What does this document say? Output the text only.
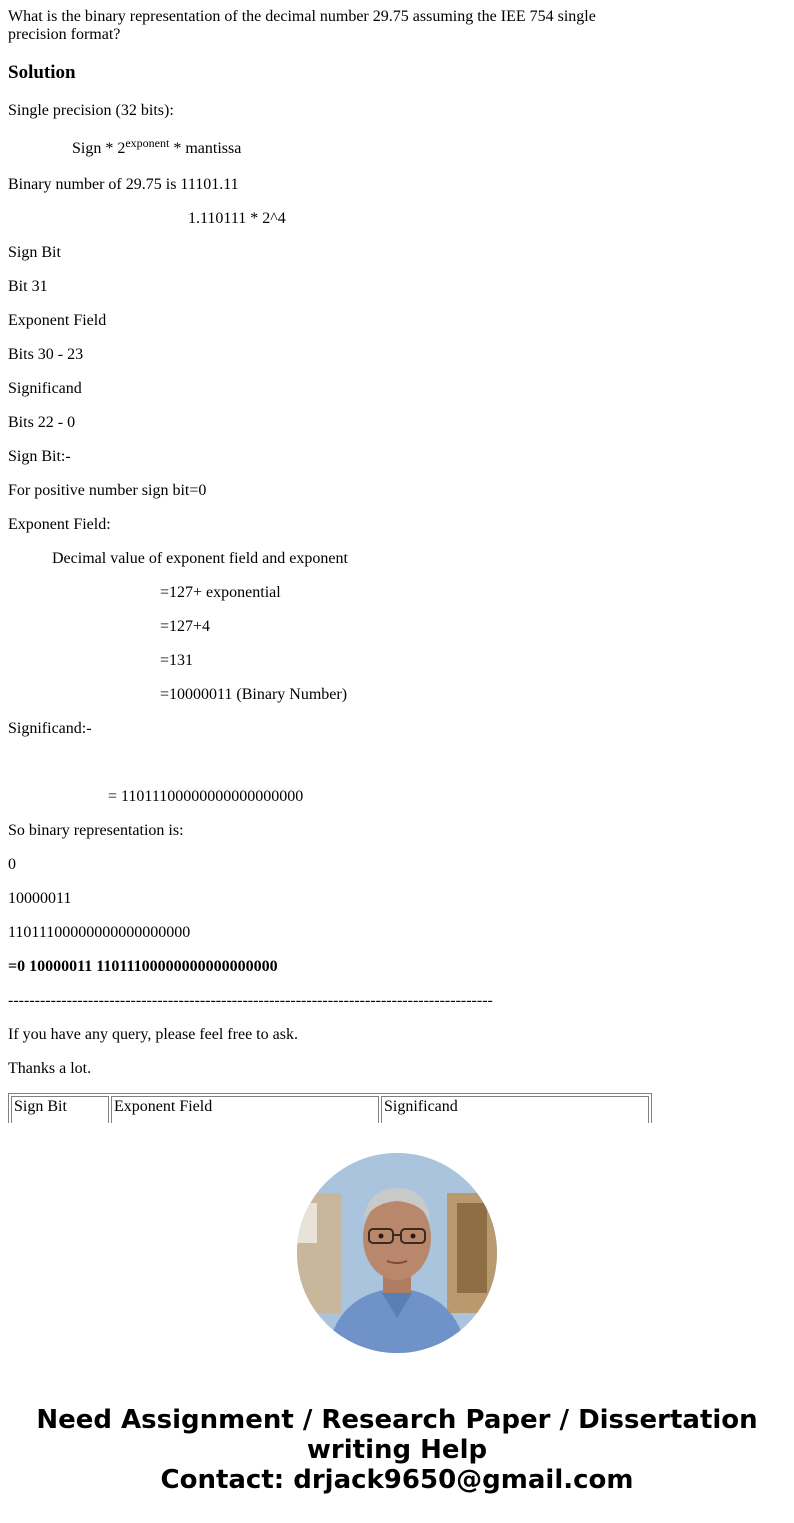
What is the binary representation of the decimal number 29.75 assuming the IEE 754 single precision format?

Solution

Single precision (32 bits):

Sign * $2^{exponent}$ * mantissa

Binary number of 29.75 is 11101.11

1.110111 * 2^4

Sign Bit

Bit 31

Exponent Field

Bits 30 - 23

Significand

Bits 22 - 0

Sign Bit:-

For positive number sign bit=0

Exponent Field:

Decimal value of exponent field and exponent

=127+ exponential

=127+4

=131

=10000011 (Binary Number)

Significand:-

= 11011100000000000000000

So binary representation is:

0

10000011

11011100000000000000000

=0 10000011 11011100000000000000000

-------------------------------------------------------------------------------------------

If you have any query, please feel free to ask.

Thanks a lot.

Sign Bit	Exponent Field	Significand
Need Assignment / Research Paper / Dissertation
writing Help
Contact: drjack9650@gmail.com
